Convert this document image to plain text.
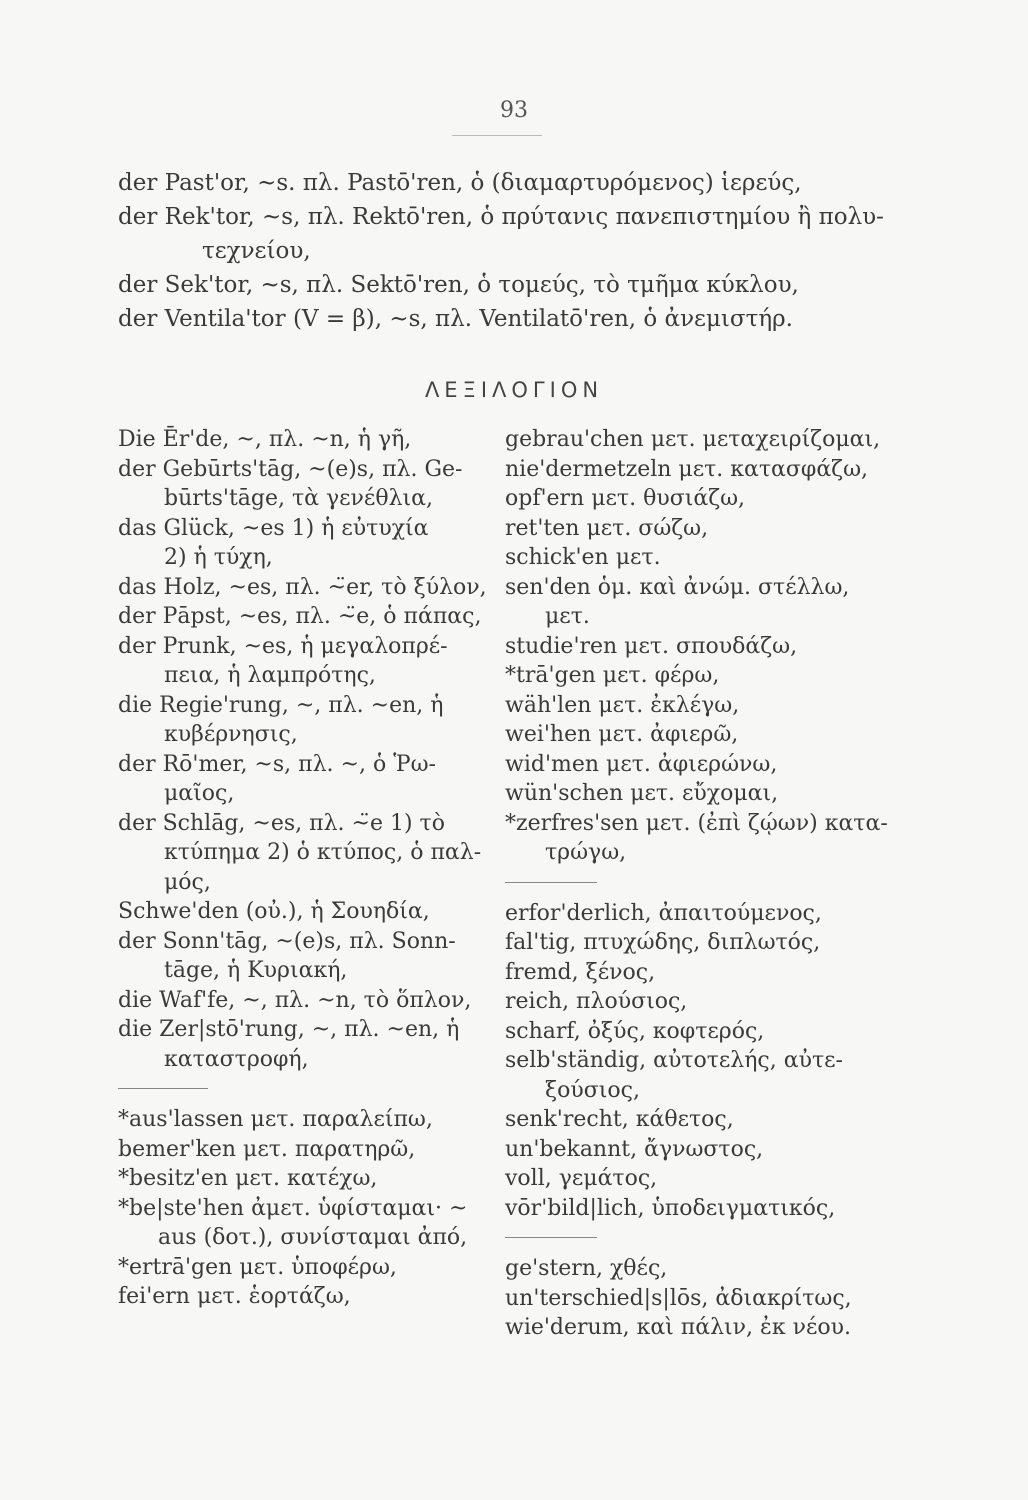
93
der Past'or, ~s. πλ. Pastō'ren, ὁ (διαμαρτυρόμενος) ἱερεύς,
der Rek'tor, ~s, πλ. Rektō'ren, ὁ πρύτανις πανεπιστημίου ἢ πολυ-
τεχνείου,
der Sek'tor, ~s, πλ. Sektō'ren, ὁ τομεύς, τὸ τμῆμα κύκλου,
der Ventila'tor (V = β), ~s, πλ. Ventilatō'ren, ὁ ἀνεμιστήρ.
ΛΕΞΙΛΟΓΙΟΝ
Die Ēr'de, ~, πλ. ~n, ἡ γῆ,
der Gebūrts'tāg, ~(e)s, πλ. Ge-
būrts'tāge, τὰ γενέθλια,
das Glück, ~es 1) ἡ εὐτυχία
2) ἡ τύχη,
das Holz, ~es, πλ. ~̈er, τὸ ξύλον,
der Pāpst, ~es, πλ. ~̈e, ὁ πάπας,
der Prunk, ~es, ἡ μεγαλοπρέ-
πεια, ἡ λαμπρότης,
die Regie'rung, ~, πλ. ~en, ἡ
κυβέρνησις,
der Rō'mer, ~s, πλ. ~, ὁ Ῥω-
μαῖος,
der Schlāg, ~es, πλ. ~̈e 1) τὸ
κτύπημα 2) ὁ κτύπος, ὁ παλ-
μός,
Schwe'den (οὐ.), ἡ Σουηδία,
der Sonn'tāg, ~(e)s, πλ. Sonn-
tāge, ἡ Κυριακή,
die Waf'fe, ~, πλ. ~n, τὸ ὅπλον,
die Zer|stō'rung, ~, πλ. ~en, ἡ
καταστροφή,
*aus'lassen μετ. παραλείπω,
bemer'ken μετ. παρατηρῶ,
*besitz'en μετ. κατέχω,
*be|ste'hen ἀμετ. ὑφίσταμαι· ~
aus (δοτ.), συνίσταμαι ἀπό,
*ertrā'gen μετ. ὑποφέρω,
fei'ern μετ. ἑορτάζω,
gebrau'chen μετ. μεταχειρίζομαι,
nie'dermetzeln μετ. κατασφάζω,
opf'ern μετ. θυσιάζω,
ret'ten μετ. σώζω,
schick'en μετ.
sen'den ὁμ. καὶ ἀνώμ. στέλλω,
μετ.
studie'ren μετ. σπουδάζω,
*trā'gen μετ. φέρω,
wäh'len μετ. ἐκλέγω,
wei'hen μετ. ἀφιερῶ,
wid'men μετ. ἀφιερώνω,
wün'schen μετ. εὔχομαι,
*zerfres'sen μετ. (ἐπὶ ζῴων) κατα-
τρώγω,
erfor'derlich, ἀπαιτούμενος,
fal'tig, πτυχώδης, διπλωτός,
fremd, ξένος,
reich, πλούσιος,
scharf, ὀξύς, κοφτερός,
selb'ständig, αὐτοτελής, αὐτε-
ξούσιος,
senk'recht, κάθετος,
un'bekannt, ἄγνωστος,
voll, γεμάτος,
vōr'bild|lich, ὑποδειγματικός,
ge'stern, χθές,
un'terschied|s|lōs, ἀδιακρίτως,
wie'derum, καὶ πάλιν, ἐκ νέου.
